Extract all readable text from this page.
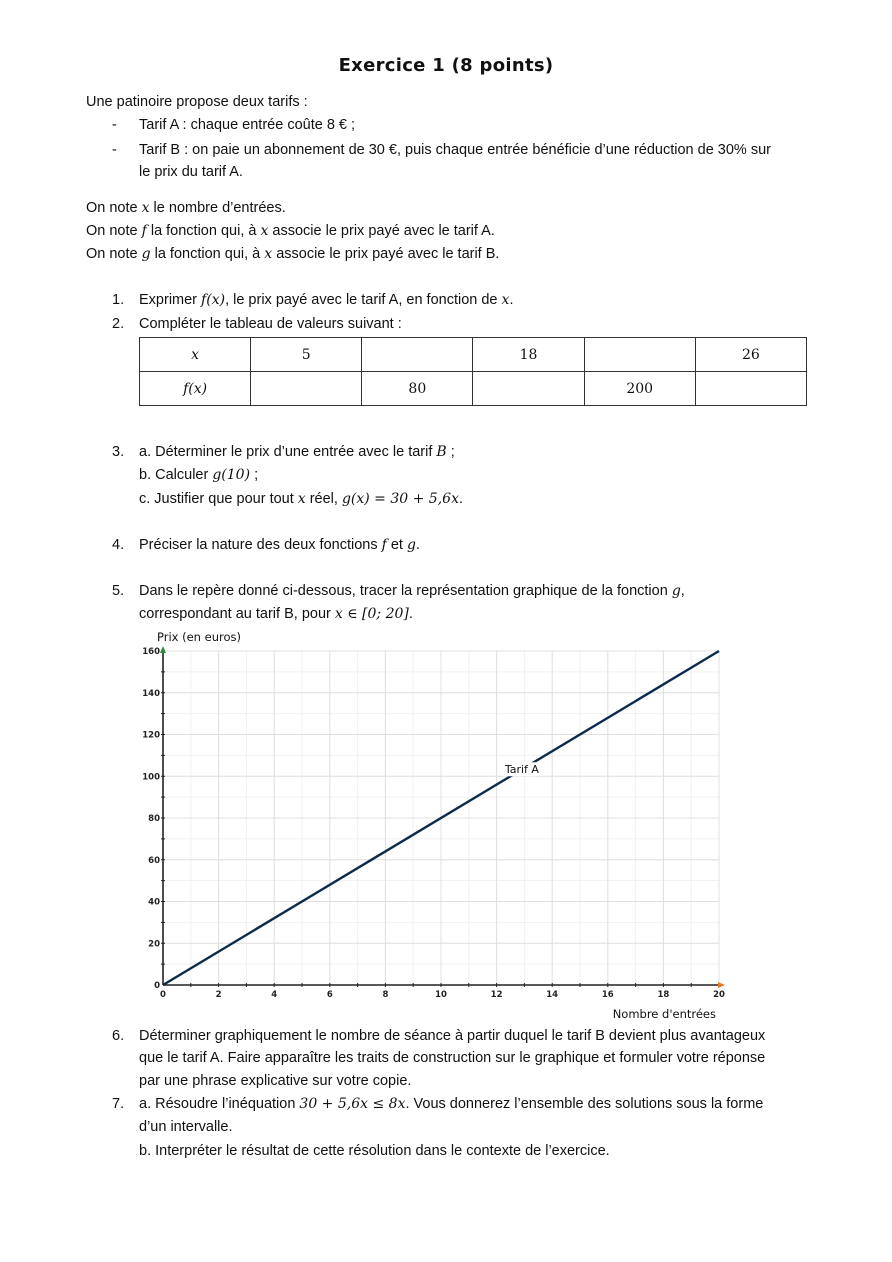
Exercice 1 (8 points)
Une patinoire propose deux tarifs :
- Tarif A : chaque entrée coûte 8 € ;
- Tarif B : on paie un abonnement de 30 €, puis chaque entrée bénéficie d’une réduction de 30% sur
le prix du tarif A.
On note x le nombre d’entrées.
On note f la fonction qui, à x associe le prix payé avec le tarif A.
On note g la fonction qui, à x associe le prix payé avec le tarif B.
1. Exprimer f(x), le prix payé avec le tarif A, en fonction de x.
2. Compléter le tableau de valeurs suivant :
x	5		18		26
f(x)		80		200	
3. a. Déterminer le prix d’une entrée avec le tarif B ;
b. Calculer g(10) ;
c. Justifier que pour tout x réel, g(x) = 30 + 5,6x.
4. Préciser la nature des deux fonctions f et g.
5. Dans le repère donné ci-dessous, tracer la représentation graphique de la fonction g,
correspondant au tarif B, pour x ∈ [0; 20].
0	2	4	6	8	10	12	14	16	18	20
0
20
40
60
80
100
120
140
160
Tarif A
Prix (en euros)
Nombre d'entrées
6. Déterminer graphiquement le nombre de séance à partir duquel le tarif B devient plus avantageux
que le tarif A. Faire apparaître les traits de construction sur le graphique et formuler votre réponse
par une phrase explicative sur votre copie.
7. a. Résoudre l’inéquation 30 + 5,6x ≤ 8x. Vous donnerez l’ensemble des solutions sous la forme
d’un intervalle.
b. Interpréter le résultat de cette résolution dans le contexte de l’exercice.
